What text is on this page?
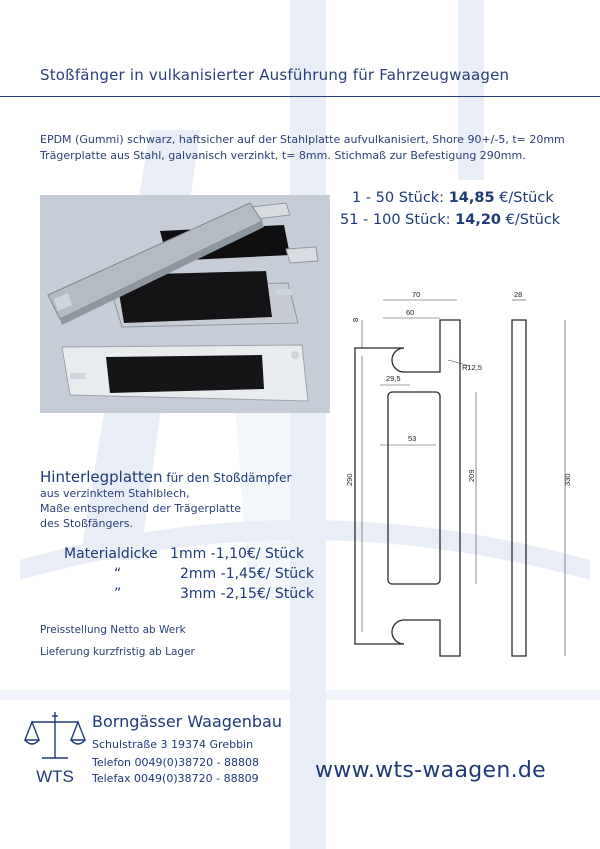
Stoßfänger in vulkanisierter Ausführung für Fahrzeugwaagen
EPDM (Gummi) schwarz, haftsicher auf der Stahlplatte aufvulkanisiert, Shore 90+/-5, t= 20mm
Trägerplatte aus Stahl, galvanisch verzinkt, t= 8mm. Stichmaß zur Befestigung 290mm.
1 - 50 Stück: 14,85 €/Stück
51 - 100 Stück: 14,20 €/Stück
70
60
28
8
R12,5
29,5
53
290	209	330
Hinterlegplatten für den Stoßdämpfer
aus verzinktem Stahlblech,
Maße entsprechend der Trägerplatte
des Stoßfängers.
Materialdicke 1mm -1,10€/ Stück
“	2mm -1,45€/ Stück
”	3mm -2,15€/ Stück
Preisstellung Netto ab Werk
Lieferung kurzfristig ab Lager
WTS
Borngässer Waagenbau
Schulstraße 3 19374 Grebbin
Telefon 0049(0)38720 - 88808
Telefax 0049(0)38720 - 88809	www.wts-waagen.de
